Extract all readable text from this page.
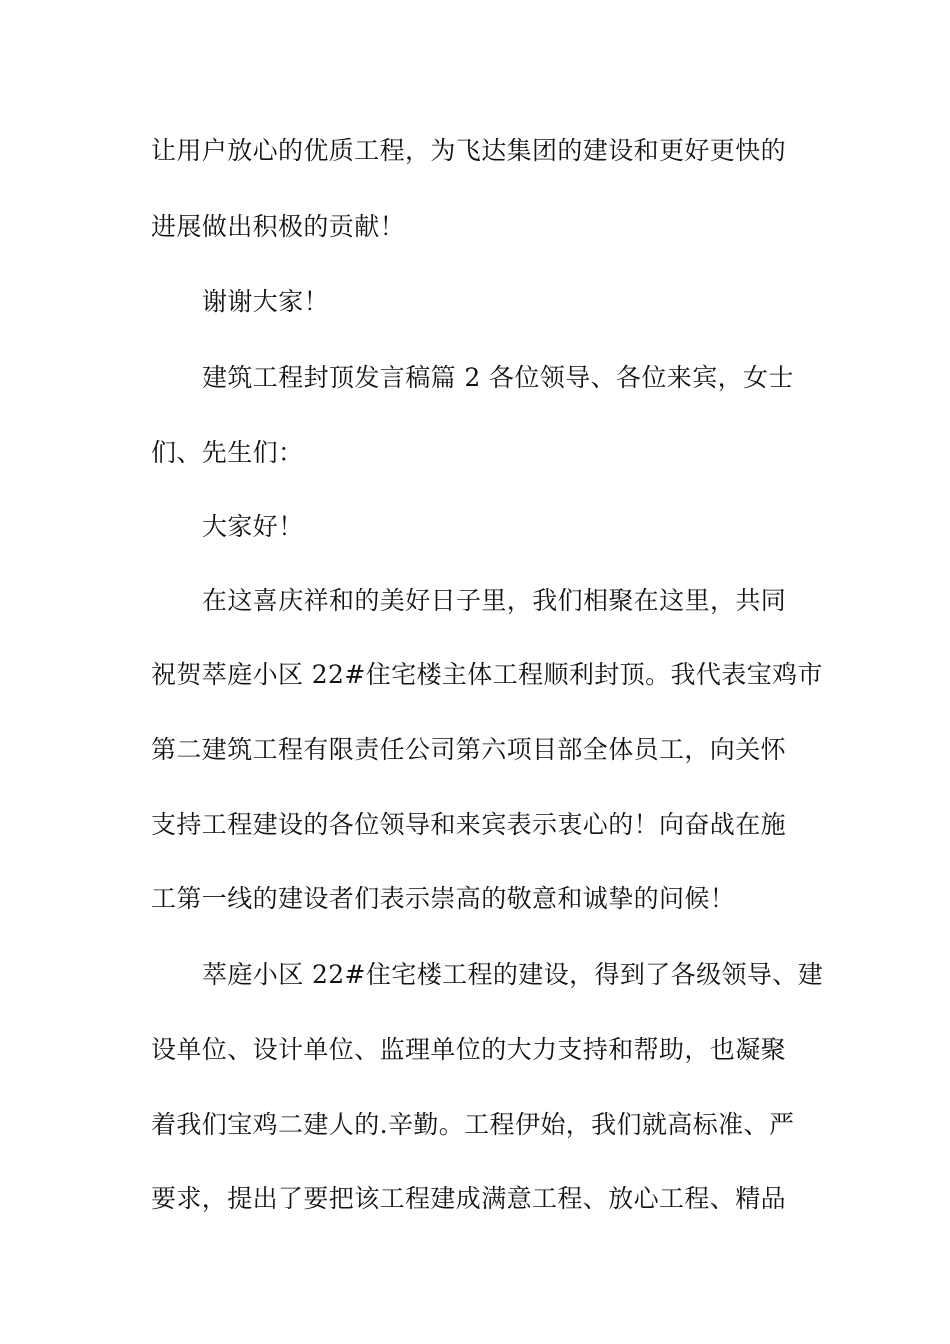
让用户放心的优质工程，为飞达集团的建设和更好更快的

进展做出积极的贡献！

谢谢大家！

建筑工程封顶发言稿篇 2 各位领导、各位来宾，女士

们、先生们：

大家好！

在这喜庆祥和的美好日子里，我们相聚在这里，共同

祝贺萃庭小区 22#住宅楼主体工程顺利封顶。我代表宝鸡市

第二建筑工程有限责任公司第六项目部全体员工，向关怀

支持工程建设的各位领导和来宾表示衷心的！向奋战在施

工第一线的建设者们表示崇高的敬意和诚挚的问候！

萃庭小区 22#住宅楼工程的建设，得到了各级领导、建

设单位、设计单位、监理单位的大力支持和帮助，也凝聚

着我们宝鸡二建人的.辛勤。工程伊始，我们就高标准、严

要求，提出了要把该工程建成满意工程、放心工程、精品
